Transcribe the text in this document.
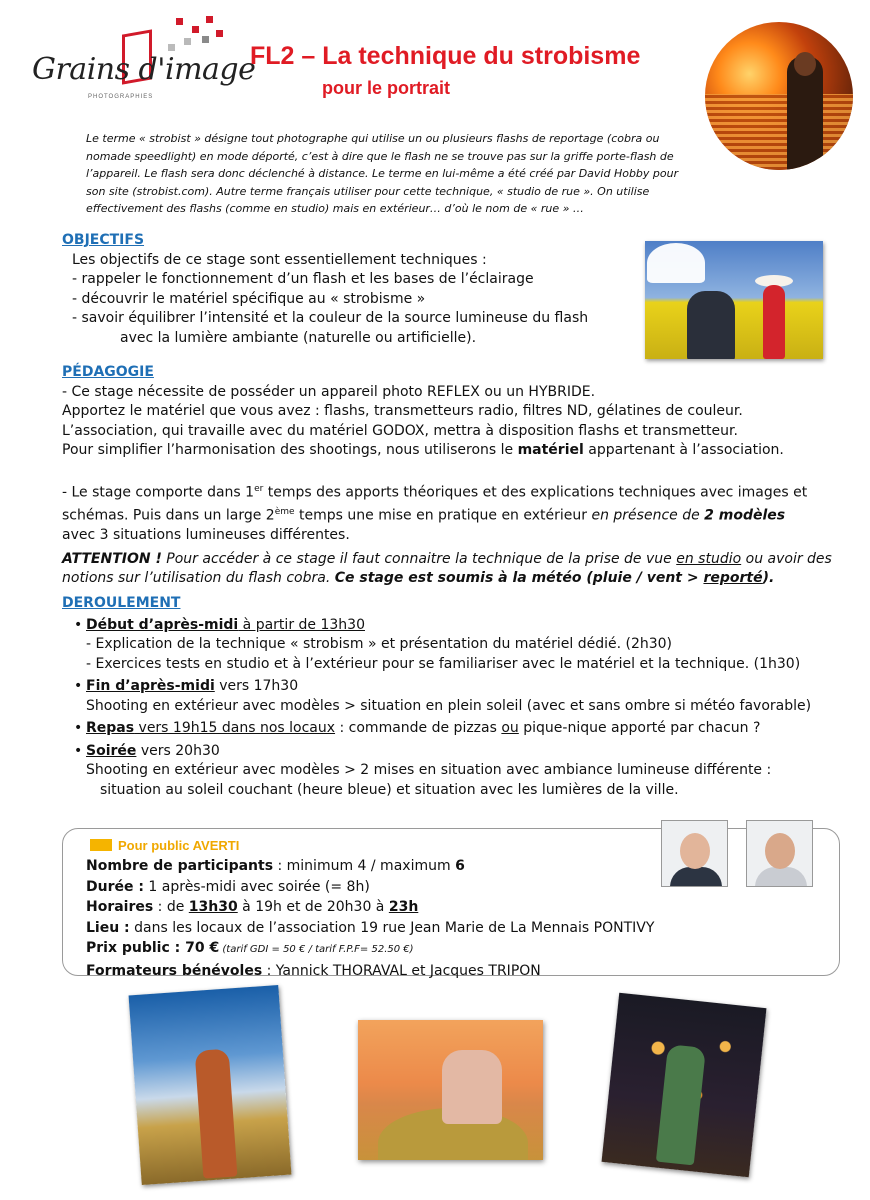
Grains d'image
PHOTOGRAPHIES
FL2 – La technique du strobisme
pour le portrait
Le terme « strobist » désigne tout photographe qui utilise un ou plusieurs flashs de reportage (cobra ou nomade speedlight) en mode déporté, c’est à dire que le flash ne se trouve pas sur la griffe porte-flash de l’appareil. Le flash sera donc déclenché à distance. Le terme en lui-même a été créé par David Hobby pour son site (strobist.com). Autre terme français utiliser pour cette technique, « studio de rue ». On utilise effectivement des flashs (comme en studio) mais en extérieur… d’où le nom de « rue » …
OBJECTIFS
Les objectifs de ce stage sont essentiellement techniques :
- rappeler le fonctionnement d’un flash et les bases de l’éclairage
- découvrir le matériel spécifique au « strobisme »
- savoir équilibrer l’intensité et la couleur de la source lumineuse du flash
avec la lumière ambiante (naturelle ou artificielle).
PÉDAGOGIE
- Ce stage nécessite de posséder un appareil photo REFLEX ou un HYBRIDE.
Apportez le matériel que vous avez : flashs, transmetteurs radio, filtres ND, gélatines de couleur.
L’association, qui travaille avec du matériel GODOX, mettra à disposition flashs et transmetteur.
Pour simplifier l’harmonisation des shootings, nous utiliserons le matériel appartenant à l’association.
- Le stage comporte dans 1er temps des apports théoriques et des explications techniques avec images et schémas. Puis dans un large 2ème temps une mise en pratique en extérieur en présence de 2 modèles
avec 3 situations lumineuses différentes.
ATTENTION ! Pour accéder à ce stage il faut connaitre la technique de la prise de vue en studio ou avoir des notions sur l’utilisation du flash cobra. Ce stage est soumis à la météo (pluie / vent > reporté).
DEROULEMENT
• Début d’après-midi à partir de 13h30
- Explication de la technique « strobism » et présentation du matériel dédié. (2h30)
- Exercices tests en studio et à l’extérieur pour se familiariser avec le matériel et la technique. (1h30)
• Fin d’après-midi vers 17h30
Shooting en extérieur avec modèles > situation en plein soleil (avec et sans ombre si météo favorable)
• Repas vers 19h15 dans nos locaux : commande de pizzas ou pique-nique apporté par chacun ?
• Soirée vers 20h30
Shooting en extérieur avec modèles > 2 mises en situation avec ambiance lumineuse différente :
situation au soleil couchant (heure bleue) et situation avec les lumières de la ville.
Pour public AVERTI
Nombre de participants : minimum 4 / maximum 6
Durée : 1 après-midi avec soirée (= 8h)
Horaires : de 13h30 à 19h et de 20h30 à 23h
Lieu : dans les locaux de l’association 19 rue Jean Marie de La Mennais PONTIVY
Prix public : 70 € (tarif GDI = 50 € / tarif F.P.F= 52.50 €)
Formateurs bénévoles : Yannick THORAVAL et Jacques TRIPON
